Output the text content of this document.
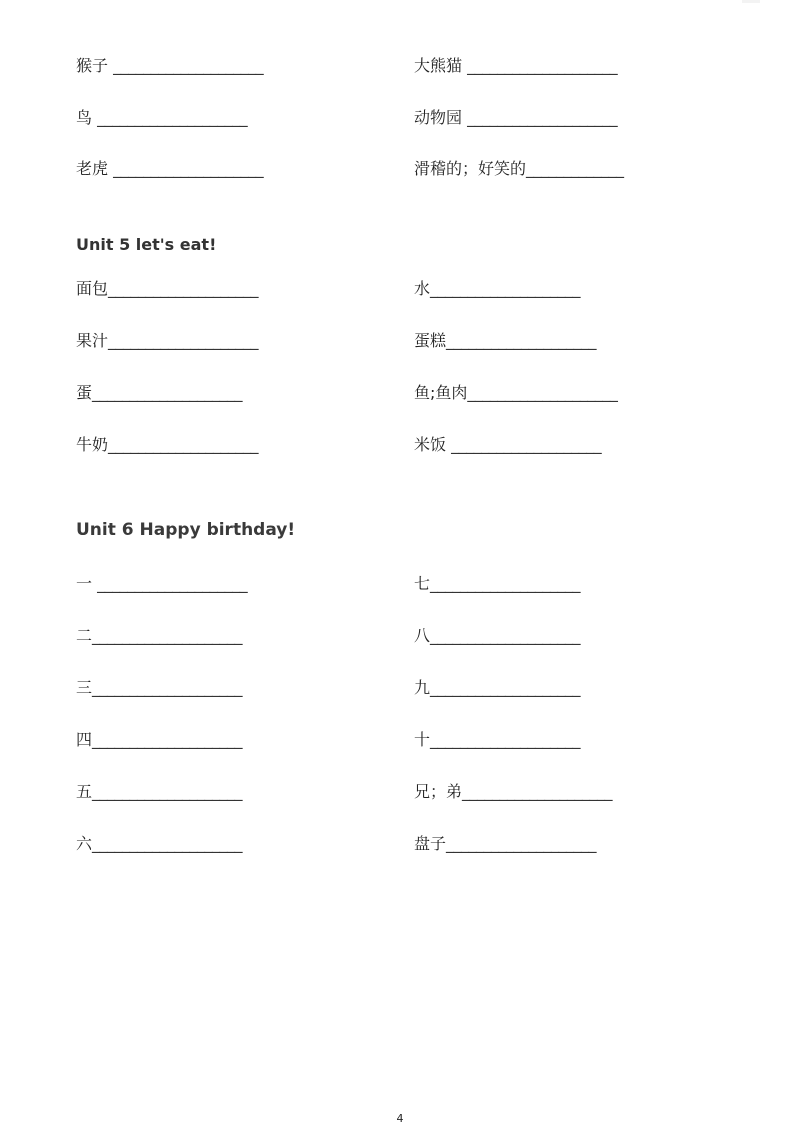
猴子 ____________________	大熊猫 ____________________
鸟 ____________________	动物园 ____________________
老虎 ____________________	滑稽的；好笑的_____________
Unit 5 let's eat!
面包____________________	水____________________
果汁____________________	蛋糕____________________
蛋____________________	鱼;鱼肉____________________
牛奶____________________	米饭 ____________________
Unit 6 Happy birthday!
一 ____________________	七____________________
二____________________	八____________________
三____________________	九____________________
四____________________	十____________________
五____________________	兄；弟____________________
六____________________	盘子____________________
4
